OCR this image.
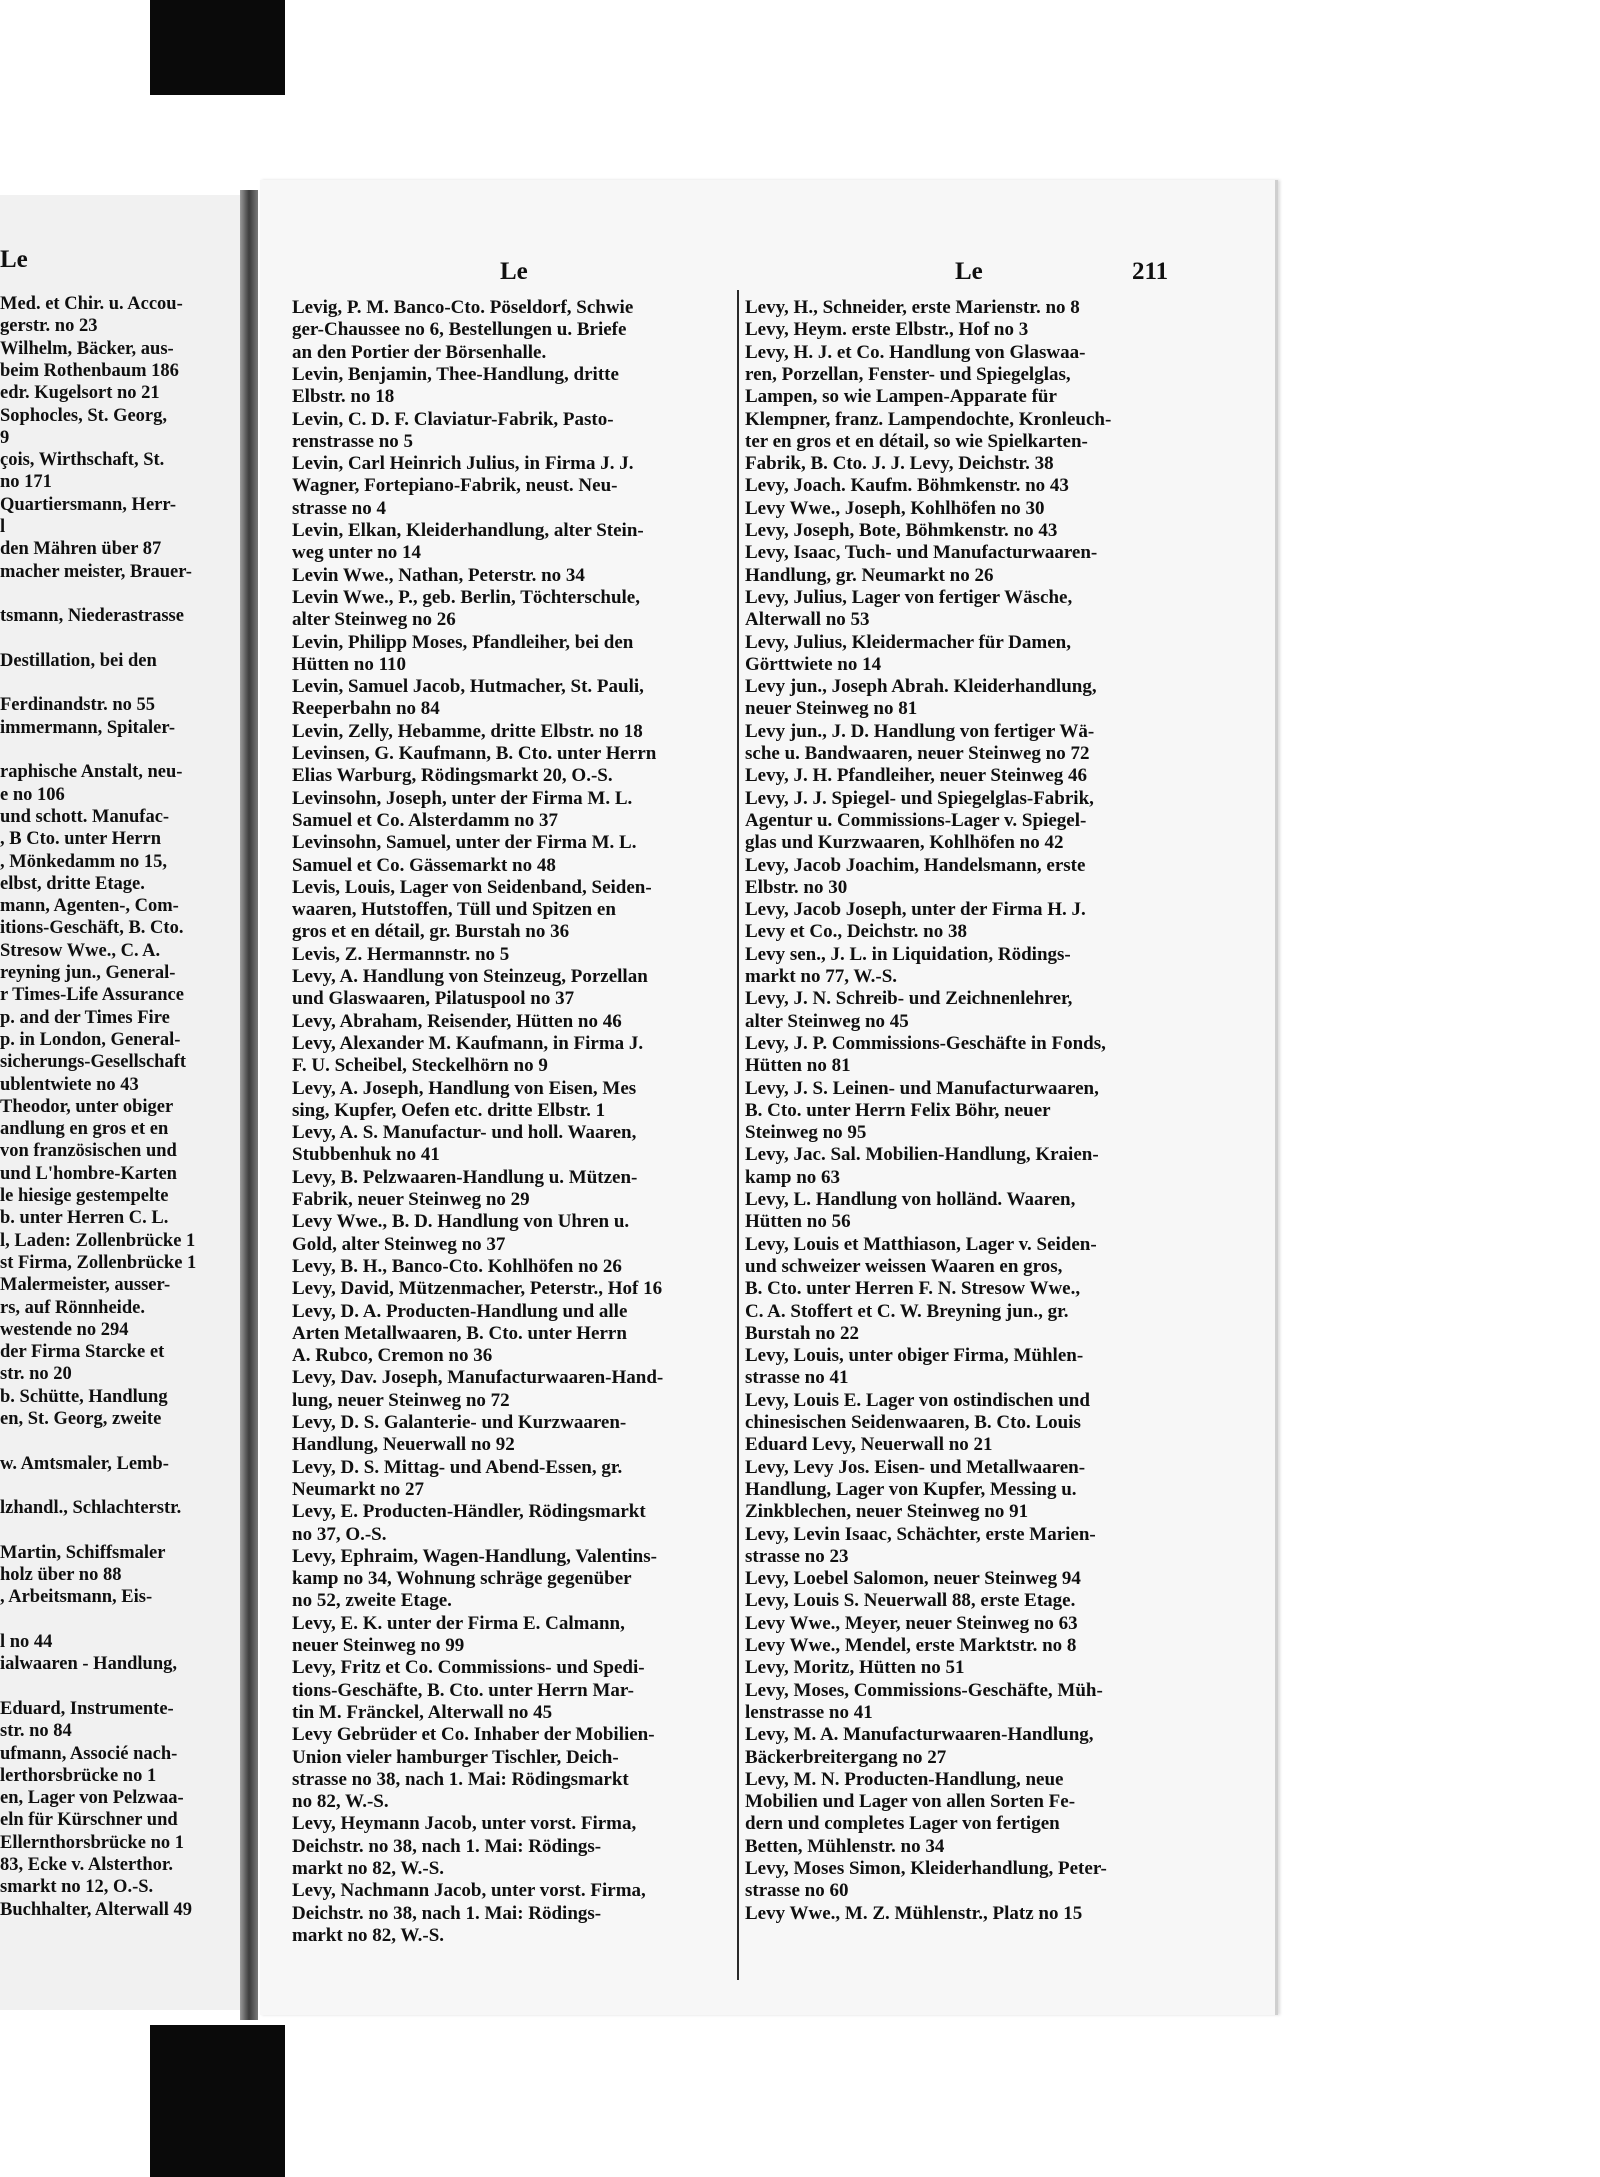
Le
Med. et Chir. u. Accou-
gerstr. no 23
Wilhelm, Bäcker, aus-
beim Rothenbaum 186
edr. Kugelsort no 21
Sophocles, St. Georg,
9
çois, Wirthschaft, St.
no 171
Quartiersmann, Herr-
l
den Mähren über 87
macher meister, Brauer-
tsmann, Niederastrasse
Destillation, bei den
Ferdinandstr. no 55
immermann, Spitaler-
raphische Anstalt, neu-
e no 106
und schott. Manufac-
, B Cto. unter Herrn
, Mönkedamm no 15,
elbst, dritte Etage.
mann, Agenten-, Com-
itions-Geschäft, B. Cto.
Stresow Wwe., C. A.
reyning jun., General-
r Times-Life Assurance
p. and der Times Fire
p. in London, General-
sicherungs-Gesellschaft
ublentwiete no 43
Theodor, unter obiger
andlung en gros et en
von französischen und
und L'hombre-Karten
le hiesige gestempelte
b. unter Herren C. L.
l, Laden: Zollenbrücke 1
st Firma, Zollenbrücke 1
Malermeister, ausser-
rs, auf Rönnheide.
westende no 294
der Firma Starcke et
str. no 20
b. Schütte, Handlung
en, St. Georg, zweite
w. Amtsmaler, Lemb-
lzhandl., Schlachterstr.
Martin, Schiffsmaler
holz über no 88
, Arbeitsmann, Eis-
l no 44
ialwaaren - Handlung,
Eduard, Instrumente-
str. no 84
ufmann, Associé nach-
lerthorsbrücke no 1
en, Lager von Pelzwaa-
eln für Kürschner und
Ellernthorsbrücke no 1
83, Ecke v. Alsterthor.
smarkt no 12, O.-S.
Buchhalter, Alterwall 49
Le	Le	211
Levig, P. M. Banco-Cto. Pöseldorf, Schwie
ger-Chaussee no 6, Bestellungen u. Briefe
an den Portier der Börsenhalle.
Levin, Benjamin, Thee-Handlung, dritte
Elbstr. no 18
Levin, C. D. F. Claviatur-Fabrik, Pasto-
renstrasse no 5
Levin, Carl Heinrich Julius, in Firma J. J.
Wagner, Fortepiano-Fabrik, neust. Neu-
strasse no 4
Levin, Elkan, Kleiderhandlung, alter Stein-
weg unter no 14
Levin Wwe., Nathan, Peterstr. no 34
Levin Wwe., P., geb. Berlin, Töchterschule,
alter Steinweg no 26
Levin, Philipp Moses, Pfandleiher, bei den
Hütten no 110
Levin, Samuel Jacob, Hutmacher, St. Pauli,
Reeperbahn no 84
Levin, Zelly, Hebamme, dritte Elbstr. no 18
Levinsen, G. Kaufmann, B. Cto. unter Herrn
Elias Warburg, Rödingsmarkt 20, O.-S.
Levinsohn, Joseph, unter der Firma M. L.
Samuel et Co. Alsterdamm no 37
Levinsohn, Samuel, unter der Firma M. L.
Samuel et Co. Gässemarkt no 48
Levis, Louis, Lager von Seidenband, Seiden-
waaren, Hutstoffen, Tüll und Spitzen en
gros et en détail, gr. Burstah no 36
Levis, Z. Hermannstr. no 5
Levy, A. Handlung von Steinzeug, Porzellan
und Glaswaaren, Pilatuspool no 37
Levy, Abraham, Reisender, Hütten no 46
Levy, Alexander M. Kaufmann, in Firma J.
F. U. Scheibel, Steckelhörn no 9
Levy, A. Joseph, Handlung von Eisen, Mes
sing, Kupfer, Oefen etc. dritte Elbstr. 1
Levy, A. S. Manufactur- und holl. Waaren,
Stubbenhuk no 41
Levy, B. Pelzwaaren-Handlung u. Mützen-
Fabrik, neuer Steinweg no 29
Levy Wwe., B. D. Handlung von Uhren u.
Gold, alter Steinweg no 37
Levy, B. H., Banco-Cto. Kohlhöfen no 26
Levy, David, Mützenmacher, Peterstr., Hof 16
Levy, D. A. Producten-Handlung und alle
Arten Metallwaaren, B. Cto. unter Herrn
A. Rubco, Cremon no 36
Levy, Dav. Joseph, Manufacturwaaren-Hand-
lung, neuer Steinweg no 72
Levy, D. S. Galanterie- und Kurzwaaren-
Handlung, Neuerwall no 92
Levy, D. S. Mittag- und Abend-Essen, gr.
Neumarkt no 27
Levy, E. Producten-Händler, Rödingsmarkt
no 37, O.-S.
Levy, Ephraim, Wagen-Handlung, Valentins-
kamp no 34, Wohnung schräge gegenüber
no 52, zweite Etage.
Levy, E. K. unter der Firma E. Calmann,
neuer Steinweg no 99
Levy, Fritz et Co. Commissions- und Spedi-
tions-Geschäfte, B. Cto. unter Herrn Mar-
tin M. Fränckel, Alterwall no 45
Levy Gebrüder et Co. Inhaber der Mobilien-
Union vieler hamburger Tischler, Deich-
strasse no 38, nach 1. Mai: Rödingsmarkt
no 82, W.-S.
Levy, Heymann Jacob, unter vorst. Firma,
Deichstr. no 38, nach 1. Mai: Rödings-
markt no 82, W.-S.
Levy, Nachmann Jacob, unter vorst. Firma,
Deichstr. no 38, nach 1. Mai: Rödings-
markt no 82, W.-S.
Levy, H., Schneider, erste Marienstr. no 8
Levy, Heym. erste Elbstr., Hof no 3
Levy, H. J. et Co. Handlung von Glaswaa-
ren, Porzellan, Fenster- und Spiegelglas,
Lampen, so wie Lampen-Apparate für
Klempner, franz. Lampendochte, Kronleuch-
ter en gros et en détail, so wie Spielkarten-
Fabrik, B. Cto. J. J. Levy, Deichstr. 38
Levy, Joach. Kaufm. Böhmkenstr. no 43
Levy Wwe., Joseph, Kohlhöfen no 30
Levy, Joseph, Bote, Böhmkenstr. no 43
Levy, Isaac, Tuch- und Manufacturwaaren-
Handlung, gr. Neumarkt no 26
Levy, Julius, Lager von fertiger Wäsche,
Alterwall no 53
Levy, Julius, Kleidermacher für Damen,
Görttwiete no 14
Levy jun., Joseph Abrah. Kleiderhandlung,
neuer Steinweg no 81
Levy jun., J. D. Handlung von fertiger Wä-
sche u. Bandwaaren, neuer Steinweg no 72
Levy, J. H. Pfandleiher, neuer Steinweg 46
Levy, J. J. Spiegel- und Spiegelglas-Fabrik,
Agentur u. Commissions-Lager v. Spiegel-
glas und Kurzwaaren, Kohlhöfen no 42
Levy, Jacob Joachim, Handelsmann, erste
Elbstr. no 30
Levy, Jacob Joseph, unter der Firma H. J.
Levy et Co., Deichstr. no 38
Levy sen., J. L. in Liquidation, Rödings-
markt no 77, W.-S.
Levy, J. N. Schreib- und Zeichnenlehrer,
alter Steinweg no 45
Levy, J. P. Commissions-Geschäfte in Fonds,
Hütten no 81
Levy, J. S. Leinen- und Manufacturwaaren,
B. Cto. unter Herrn Felix Böhr, neuer
Steinweg no 95
Levy, Jac. Sal. Mobilien-Handlung, Kraien-
kamp no 63
Levy, L. Handlung von holländ. Waaren,
Hütten no 56
Levy, Louis et Matthiason, Lager v. Seiden-
und schweizer weissen Waaren en gros,
B. Cto. unter Herren F. N. Stresow Wwe.,
C. A. Stoffert et C. W. Breyning jun., gr.
Burstah no 22
Levy, Louis, unter obiger Firma, Mühlen-
strasse no 41
Levy, Louis E. Lager von ostindischen und
chinesischen Seidenwaaren, B. Cto. Louis
Eduard Levy, Neuerwall no 21
Levy, Levy Jos. Eisen- und Metallwaaren-
Handlung, Lager von Kupfer, Messing u.
Zinkblechen, neuer Steinweg no 91
Levy, Levin Isaac, Schächter, erste Marien-
strasse no 23
Levy, Loebel Salomon, neuer Steinweg 94
Levy, Louis S. Neuerwall 88, erste Etage.
Levy Wwe., Meyer, neuer Steinweg no 63
Levy Wwe., Mendel, erste Marktstr. no 8
Levy, Moritz, Hütten no 51
Levy, Moses, Commissions-Geschäfte, Müh-
lenstrasse no 41
Levy, M. A. Manufacturwaaren-Handlung,
Bäckerbreitergang no 27
Levy, M. N. Producten-Handlung, neue
Mobilien und Lager von allen Sorten Fe-
dern und completes Lager von fertigen
Betten, Mühlenstr. no 34
Levy, Moses Simon, Kleiderhandlung, Peter-
strasse no 60
Levy Wwe., M. Z. Mühlenstr., Platz no 15
